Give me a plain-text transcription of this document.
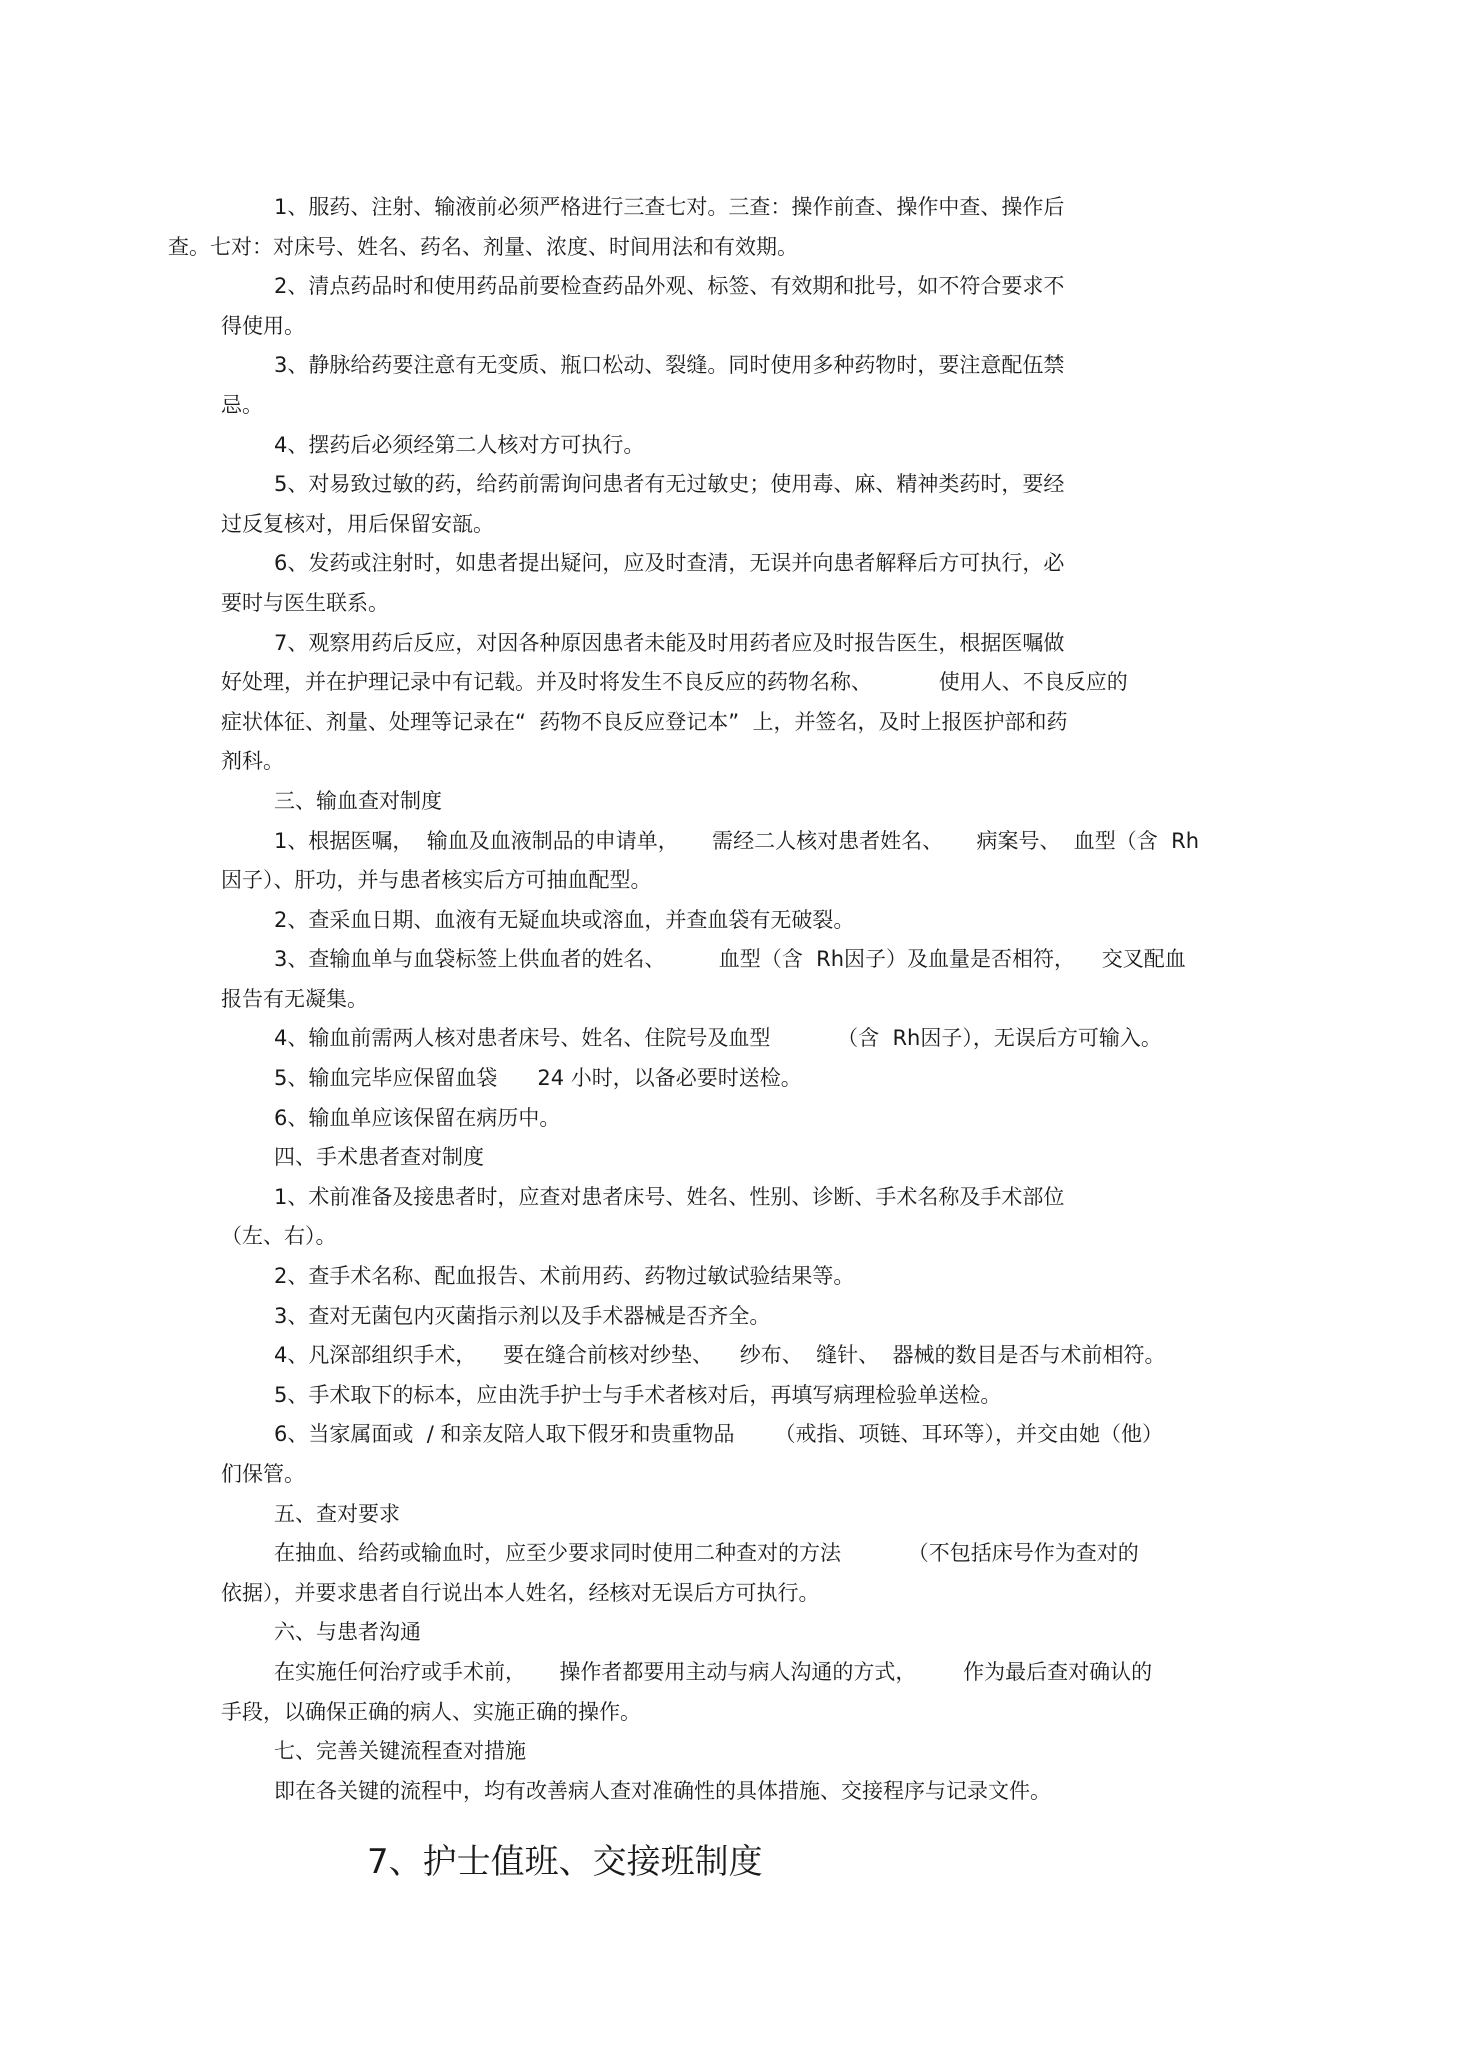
1、服药、注射、输液前必须严格进行三查七对。三查：操作前查、操作中查、操作后
查。七对：对床号、姓名、药名、剂量、浓度、时间用法和有效期。

2、清点药品时和使用药品前要检查药品外观、标签、有效期和批号，如不符合要求不
得使用。

3、静脉给药要注意有无变质、瓶口松动、裂缝。同时使用多种药物时，要注意配伍禁
忌。

4、摆药后必须经第二人核对方可执行。

5、对易致过敏的药，给药前需询问患者有无过敏史；使用毒、麻、精神类药时，要经
过反复核对，用后保留安瓿。

6、发药或注射时，如患者提出疑问，应及时查清，无误并向患者解释后方可执行，必
要时与医生联系。

7、观察用药后反应，对因各种原因患者未能及时用药者应及时报告医生，根据医嘱做
好处理，并在护理记录中有记载。并及时将发生不良反应的药物名称、          使用人、不良反应的
症状体征、剂量、处理等记录在“  药物不良反应登记本”  上，并签名，及时上报医护部和药
剂科。

三、输血查对制度

1、根据医嘱，  输血及血液制品的申请单，     需经二人核对患者姓名、     病案号、  血型（含  Rh
因子）、肝功，并与患者核实后方可抽血配型。

2、查采血日期、血液有无疑血块或溶血，并查血袋有无破裂。

3、查输血单与血袋标签上供血者的姓名、        血型（含  Rh因子）及血量是否相符，    交叉配血
报告有无凝集。

4、输血前需两人核对患者床号、姓名、住院号及血型          （含  Rh因子），无误后方可输入。

5、输血完毕应保留血袋      24 小时，以备必要时送检。

6、输血单应该保留在病历中。

四、手术患者查对制度

1、术前准备及接患者时，应查对患者床号、姓名、性别、诊断、手术名称及手术部位
（左、右）。

2、查手术名称、配血报告、术前用药、药物过敏试验结果等。

3、查对无菌包内灭菌指示剂以及手术器械是否齐全。

4、凡深部组织手术，    要在缝合前核对纱垫、    纱布、  缝针、  器械的数目是否与术前相符。

5、手术取下的标本，应由洗手护士与手术者核对后，再填写病理检验单送检。

6、当家属面或  / 和亲友陪人取下假牙和贵重物品      （戒指、项链、耳环等），并交由她（他）
们保管。

五、查对要求

在抽血、给药或输血时，应至少要求同时使用二种查对的方法          （不包括床号作为查对的
依据），并要求患者自行说出本人姓名，经核对无误后方可执行。

六、与患者沟通

在实施任何治疗或手术前，     操作者都要用主动与病人沟通的方式，       作为最后查对确认的
手段，以确保正确的病人、实施正确的操作。

七、完善关键流程查对措施

即在各关键的流程中，均有改善病人查对准确性的具体措施、交接程序与记录文件。

7、护士值班、交接班制度
